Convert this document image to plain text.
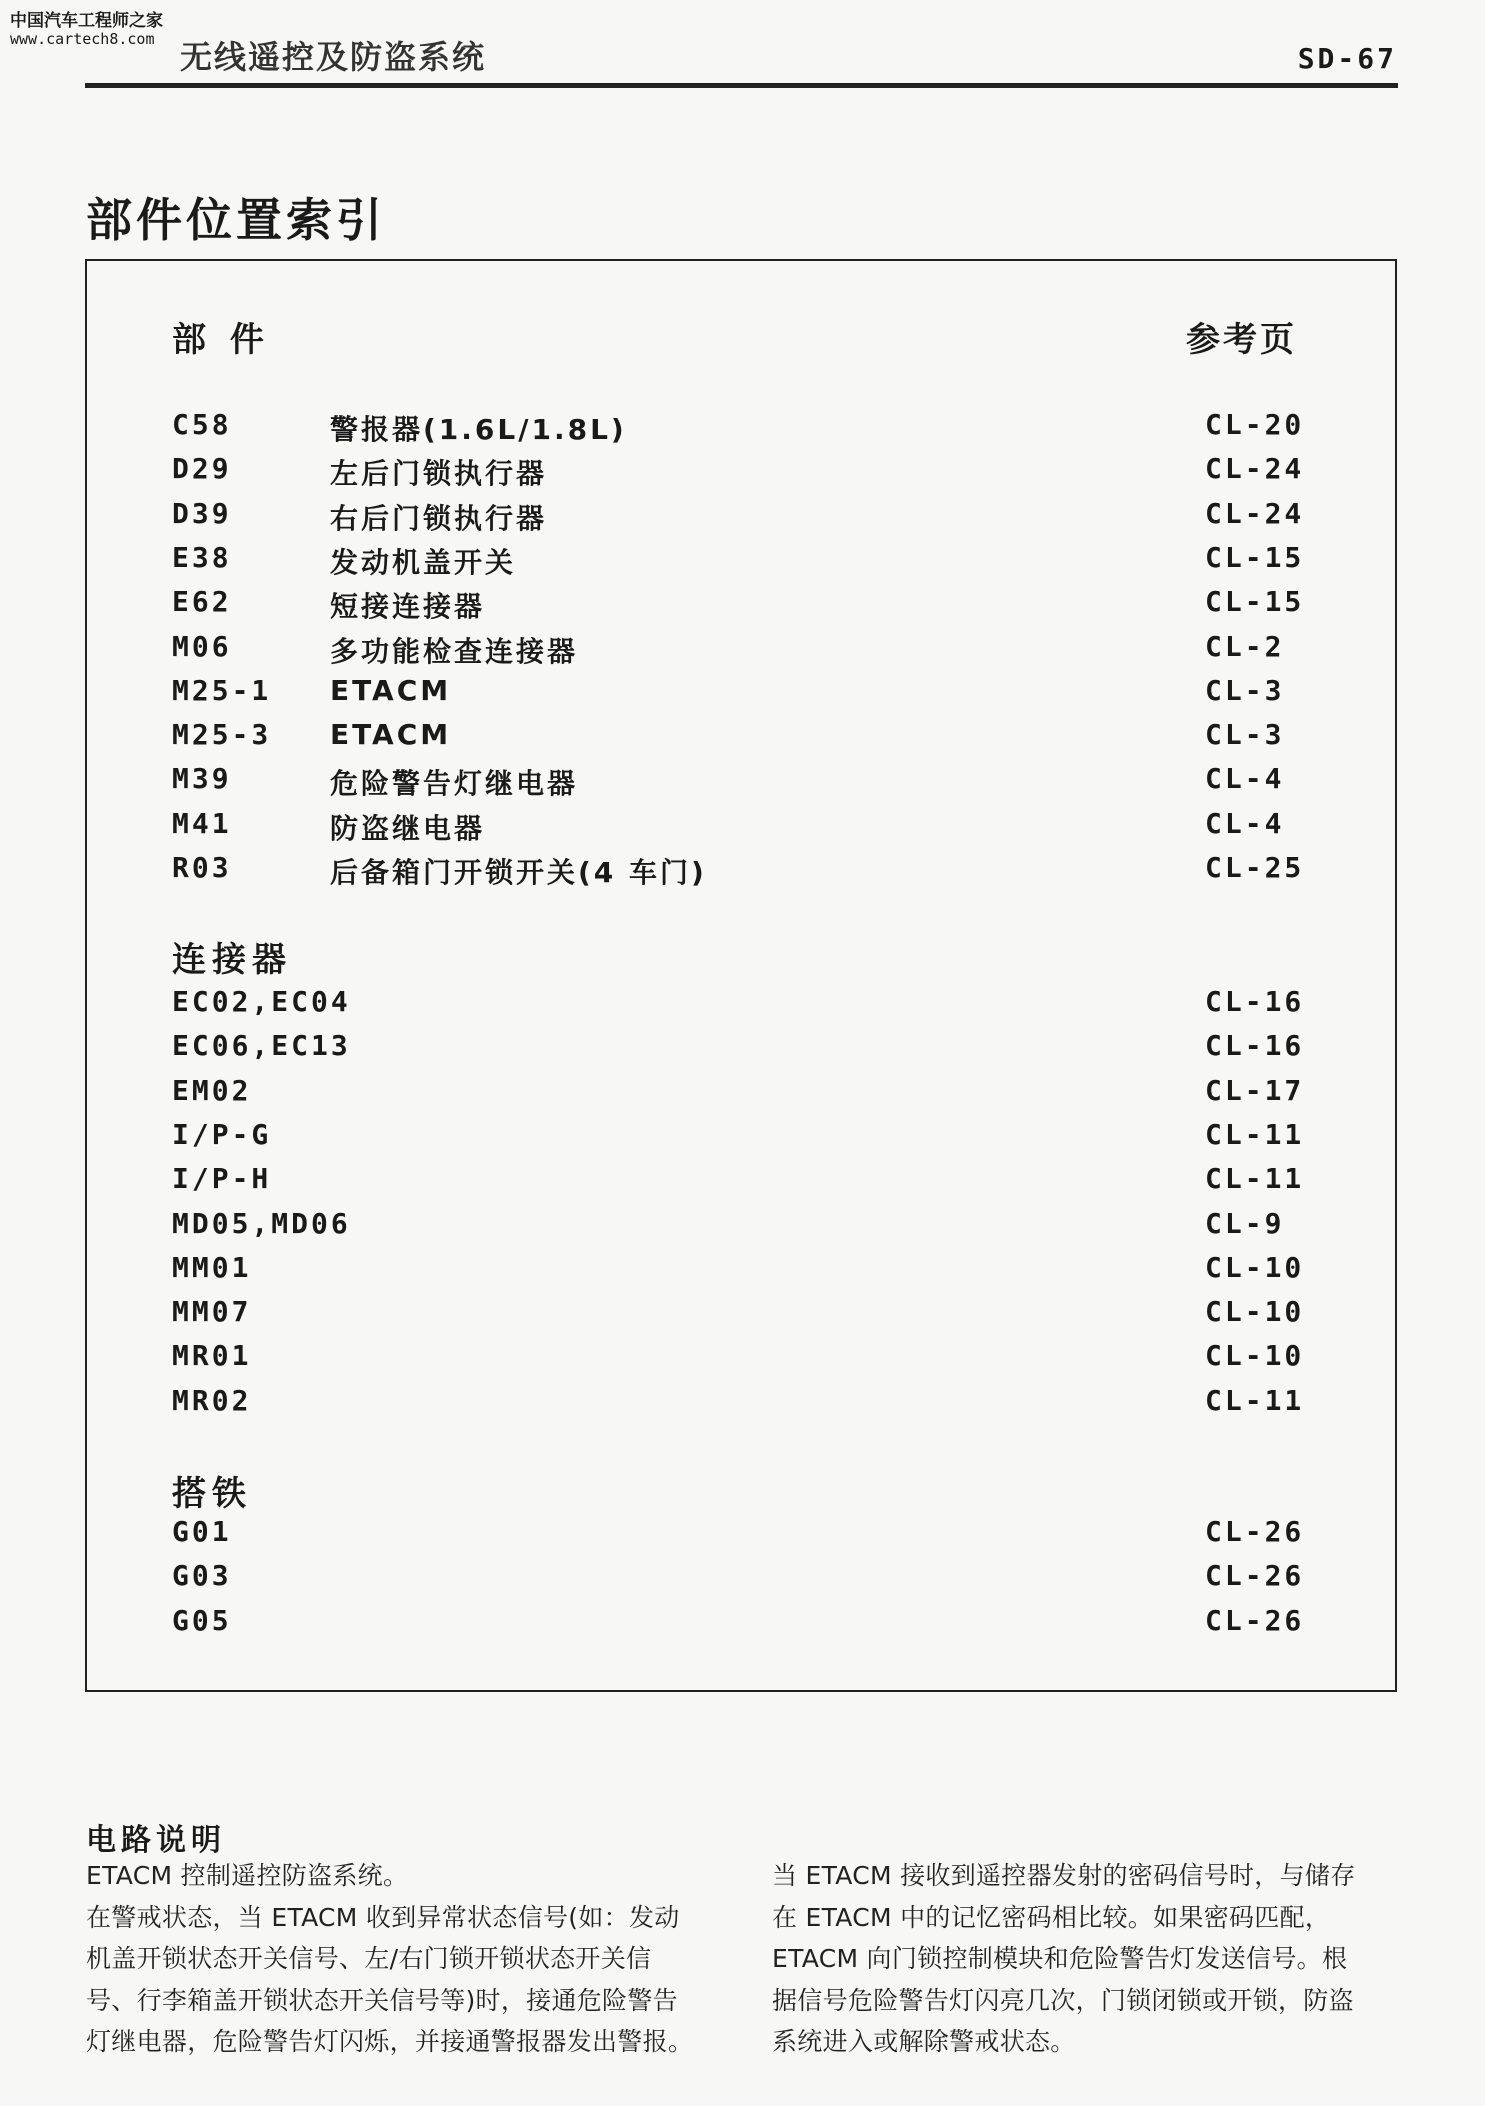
中国汽车工程师之家
www.cartech8.com 无线遥控及防盗系统	SD-67
部件位置索引
部 件	参考页
电路说明
ETACM 控制遥控防盗系统。
在警戒状态，当 ETACM 收到异常状态信号(如：发动
机盖开锁状态开关信号、左/右门锁开锁状态开关信
号、行李箱盖开锁状态开关信号等)时，接通危险警告
灯继电器，危险警告灯闪烁，并接通警报器发出警报。
当 ETACM 接收到遥控器发射的密码信号时，与储存
在 ETACM 中的记忆密码相比较。如果密码匹配，
ETACM 向门锁控制模块和危险警告灯发送信号。根
据信号危险警告灯闪亮几次，门锁闭锁或开锁，防盗
系统进入或解除警戒状态。
C58	警报器(1.6L/1.8L)	CL-20
D29	左后门锁执行器	CL-24
D39	右后门锁执行器	CL-24
E38	发动机盖开关	CL-15
E62	短接连接器	CL-15
M06	多功能检查连接器	CL-2
M25-1 ETACM	CL-3
M25-3 ETACM	CL-3
M39	危险警告灯继电器	CL-4
M41	防盗继电器	CL-4
R03	后备箱门开锁开关(4 车门)	CL-25
连接器
EC02,EC04	CL-16
EC06,EC13	CL-16
EM02	CL-17
I/P-G	CL-11
I/P-H	CL-11
MD05,MD06	CL-9
MM01	CL-10
MM07	CL-10
MR01	CL-10
MR02	CL-11
搭铁
G01	CL-26
G03	CL-26
G05	CL-26
